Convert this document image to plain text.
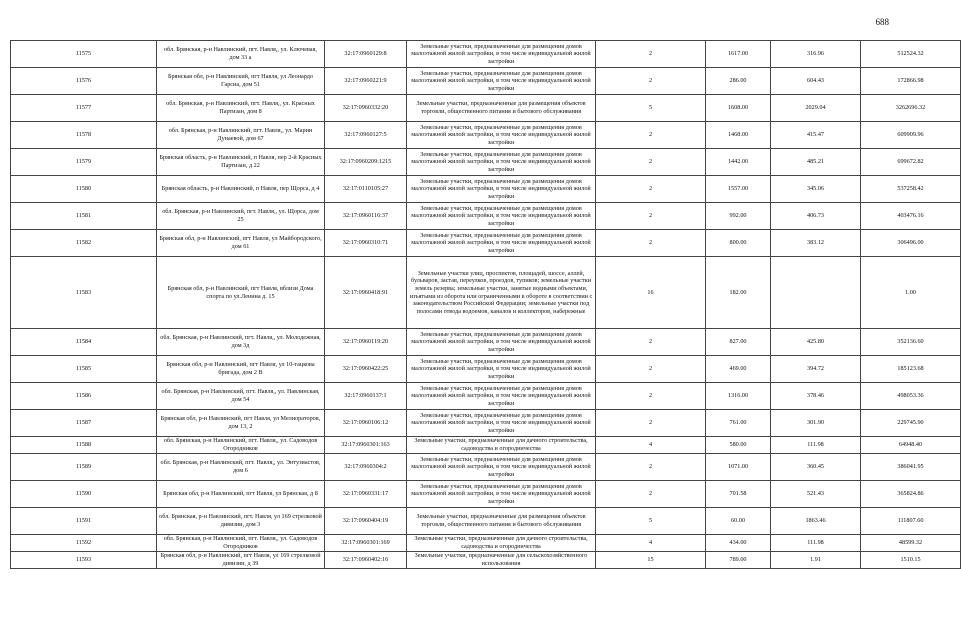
688
11575	обл. Брянская, р-н Навлинский, пгт. Навля,, ул. Ключевая, дом 33 а	32:17:0960129:8	Земельные участки, предназначенные для размещения домов малоэтажной жилой застройки, в том числе индивидуальной жилой застройки	2	1617.00	316.96	512524.32
11576	Брянская обл, р-н Навлинский, пгт Навля, ул Леонардо Гарсиа, дом 51	32:17:0960221:9	Земельные участки, предназначенные для размещения домов малоэтажной жилой застройки, в том числе индивидуальной жилой застройки	2	286.00	604.43	172866.98
11577	обл. Брянская, р-н Навлинский, пгт. Навля,, ул. Красных Партизан, дом 8	32:17:0960332:20	Земельные участки, предназначенные для размещения объектов торговли, общественного питания и бытового обслуживания	5	1608.00	2029.04	3262696.32
11578	обл. Брянская, р-н Навлинский, пгт. Навля,, ул. Марии Дунаевой, дом 67	32:17:0960127:5	Земельные участки, предназначенные для размещения домов малоэтажной жилой застройки, в том числе индивидуальной жилой застройки	2	1468.00	415.47	609909.96
11579	Брянская область, р-н Навлинский, п Навля, пер 2-й Красных Партизан, д 22	32:17:0960209:1215	Земельные участки, предназначенные для размещения домов малоэтажной жилой застройки, в том числе индивидуальной жилой застройки	2	1442.00	485.21	699672.82
11580	Брянская область, р-н Навлинский, п Навля, пер Щорса, д 4	32:17:0110105:27	Земельные участки, предназначенные для размещения домов малоэтажной жилой застройки, в том числе индивидуальной жилой застройки	2	1557.00	345.06	537258.42
11581	обл. Брянская, р-н Навлинский, пгт. Навля,, ул. Щорса, дом 25	32:17:0960116:37	Земельные участки, предназначенные для размещения домов малоэтажной жилой застройки, в том числе индивидуальной жилой застройки	2	992.00	406.73	403476.16
11582	Брянская обл, р-н Навлинский, пгт Навля, ул Майбородского, дом 61	32:17:0960310:71	Земельные участки, предназначенные для размещения домов малоэтажной жилой застройки, в том числе индивидуальной жилой застройки	2	800.00	383.12	306496.00
11583	Брянская обл, р-н Навлинский, пгт Навля, вблизи Дома спорта по ул.Ленина д. 15	32:17:0960418:91	Земельные участки улиц, проспектов, площадей, шоссе, аллей, бульваров, застав, переулков, проездов, тупиков; земельные участки земель резерва; земельные участки, занятые водными объектами, изъятыми из оборота или ограниченными в обороте в соответствии с законодательством Российской Федерации; земельные участки под полосами отвода водоемов, каналов и коллекторов, набережные	16	182.00		1.00
11584	обл. Брянская, р-н Навлинский, пгт. Навля,, ул. Молодежная, дом 3д	32:17:0960119:20	Земельные участки, предназначенные для размещения домов малоэтажной жилой застройки, в том числе индивидуальной жилой застройки	2	827.00	425.80	352136.60
11585	Брянская обл, р-н Навлинский, пгт Навля, ул 10-тацкова бригада, дом 2 В	32:17:0960422:25	Земельные участки, предназначенные для размещения домов малоэтажной жилой застройки, в том числе индивидуальной жилой застройки	2	469.00	394.72	185123.68
11586	обл. Брянская, р-н Навлинский, пгт. Навля,, ул. Навлинская, дом 54	32:17:0960137:1	Земельные участки, предназначенные для размещения домов малоэтажной жилой застройки, в том числе индивидуальной жилой застройки	2	1316.00	378.46	498053.36
11587	Брянская обл, р-н Навлинский, пгт Навля, ул Мелиораторов, дом 13, 2	32:17:0960106:12	Земельные участки, предназначенные для размещения домов малоэтажной жилой застройки, в том числе индивидуальной жилой застройки	2	761.00	301.90	229745.90
11588	обл. Брянская, р-н Навлинский, пгт. Навля,, ул. Садоводов Огородников	32:17:0960301:163	Земельные участки, предназначенные для дачного строительства, садоводства и огородничества	4	580.00	111.98	64948.40
11589	обл. Брянская, р-н Навлинский, пгт. Навля,, ул. Энтузиастов, дом 6	32:17:0960304:2	Земельные участки, предназначенные для размещения домов малоэтажной жилой застройки, в том числе индивидуальной жилой застройки	2	1071.00	360.45	386041.95
11590	Брянская обл, р-н Навлинский, пгт Навля, ул Брянская, д 8	32:17:0960331:17	Земельные участки, предназначенные для размещения домов малоэтажной жилой застройки, в том числе индивидуальной жилой застройки	2	701.58	521.43	365824.86
11591	обл. Брянская, р-н Навлинский, пгт. Навля, ул 169 стрелковой дивизии, дом 3	32:17:0960404:19	Земельные участки, предназначенные для размещения объектов торговли, общественного питания и бытового обслуживания	5	60.00	1863.46	111807.60
11592	обл. Брянская, р-н Навлинский, пгт. Навля,, ул. Садоводов Огородников	32:17:0960301:169	Земельные участки, предназначенные для дачного строительства, садоводства и огородничества	4	434.00	111.98	48599.32
11593	Брянская обл, р-н Навлинский, пгт Навля, ул 169 стрелковой дивизии, д 39	32:17:0960402:16	Земельные участки, предназначенные для сельскохозяйственного использования	15	789.00	1.91	1510.15
